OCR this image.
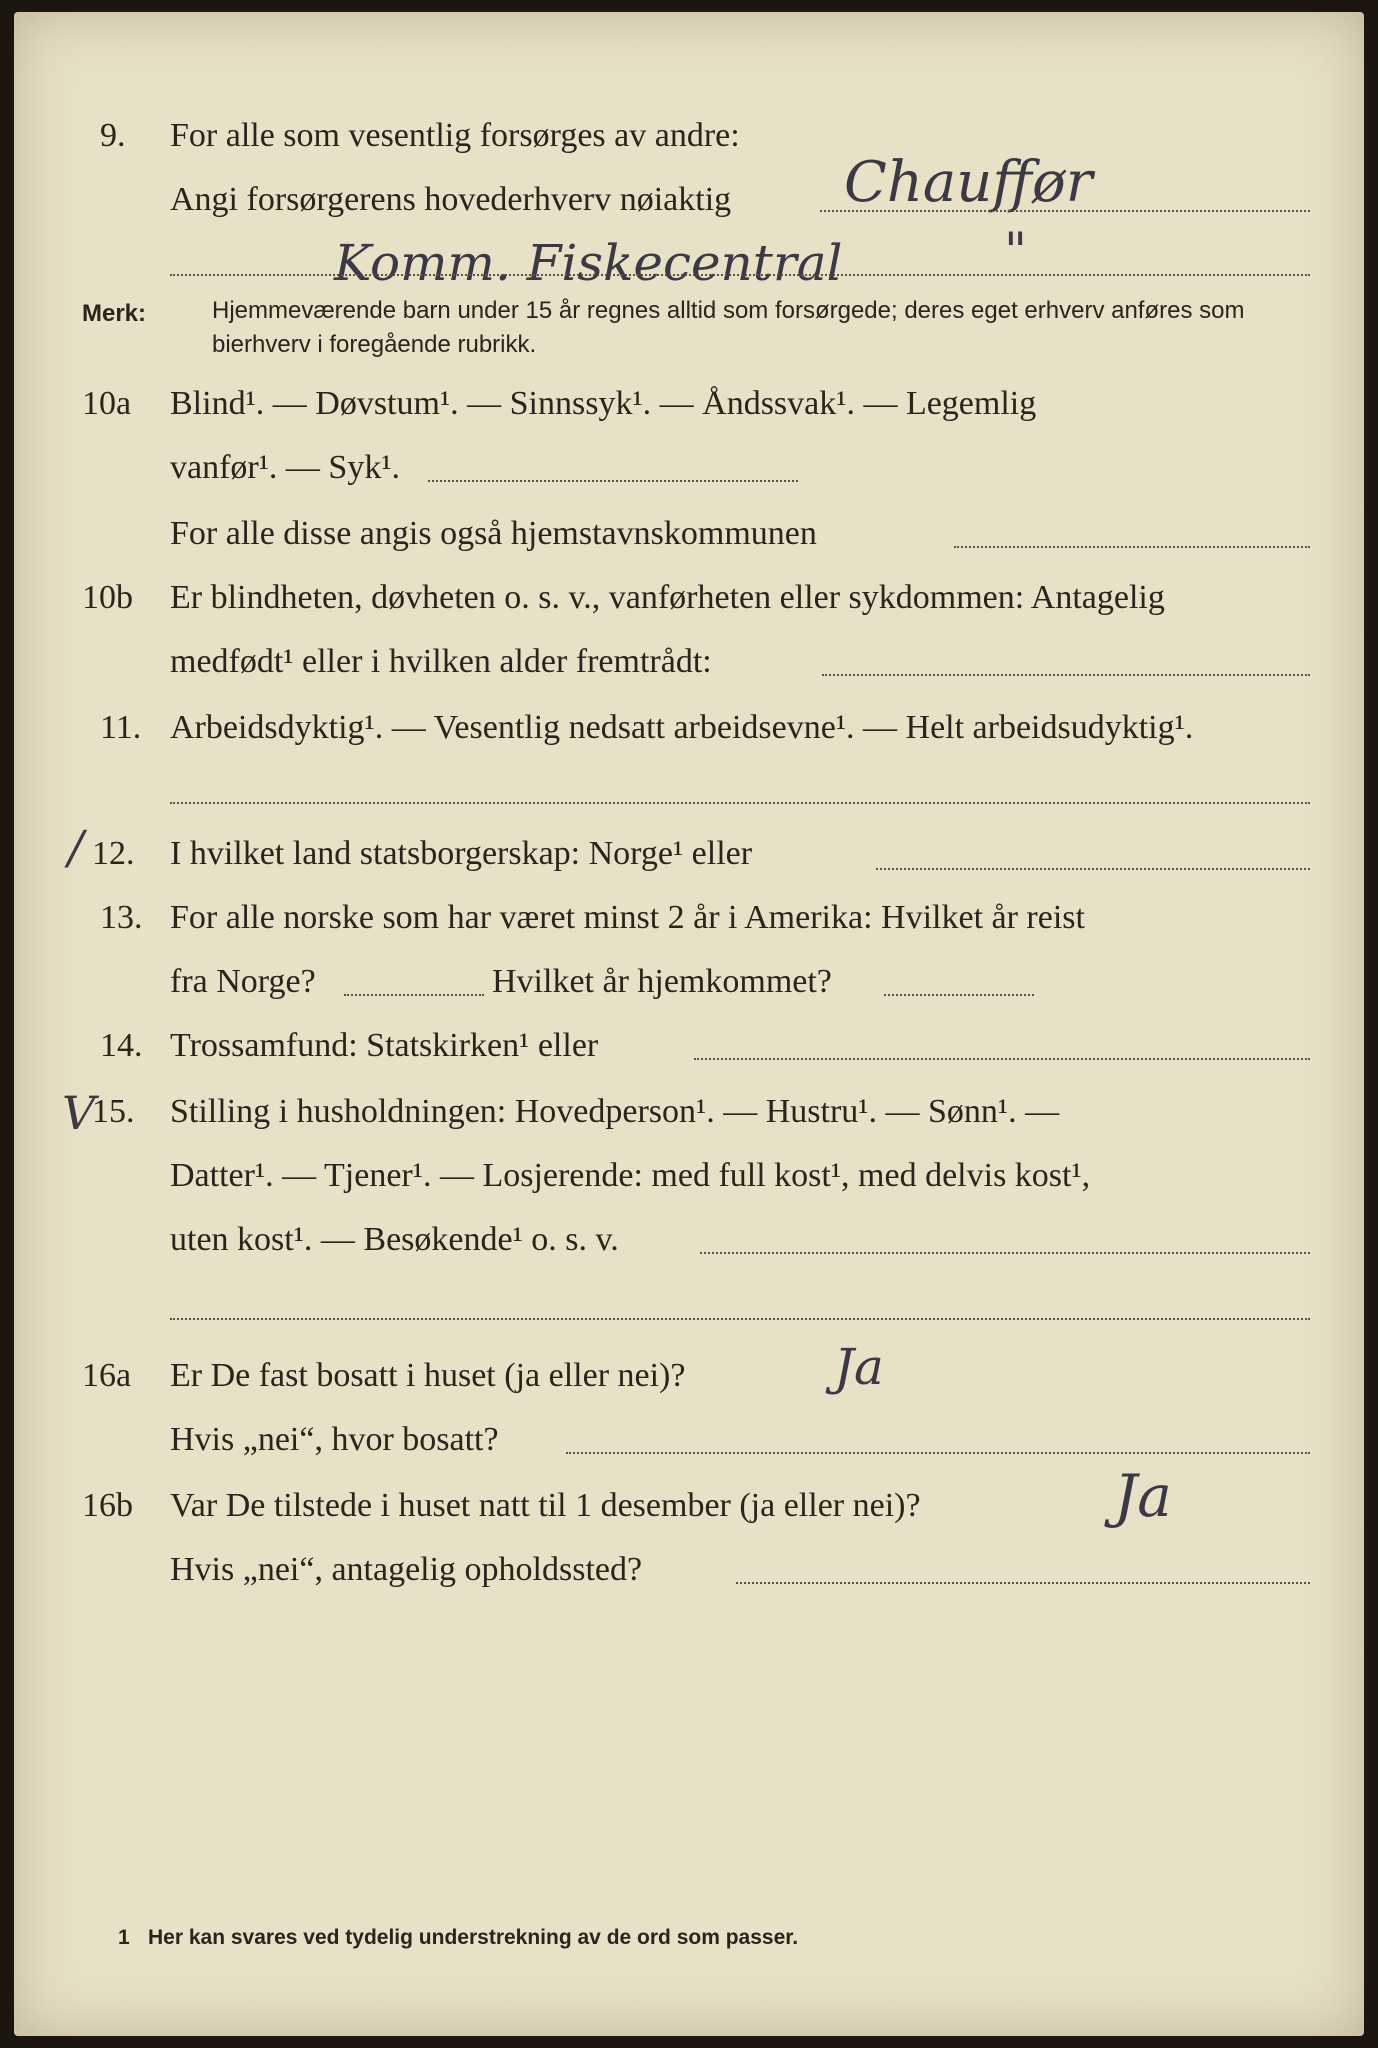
9. For alle som vesentlig forsørges av andre:
Chauffør
Angi forsørgerens hovederhverv nøiaktig
Komm. Fiskecentral	"
Merk:	Hjemmeværende barn under 15 år regnes alltid som forsørgede; deres eget erhverv anføres som bierhverv i foregående rubrikk.
10a Blind¹. — Døvstum¹. — Sinnssyk¹. — Åndssvak¹. — Legemlig
vanfør¹. — Syk¹.
For alle disse angis også hjemstavnskommunen
10b Er blindheten, døvheten o. s. v., vanførheten eller sykdommen: Antagelig
medfødt¹ eller i hvilken alder fremtrådt:
11. Arbeidsdyktig¹. — Vesentlig nedsatt arbeidsevne¹. — Helt arbeidsudyktig¹.
/ 12. I hvilket land statsborgerskap: Norge¹ eller
13. For alle norske som har været minst 2 år i Amerika: Hvilket år reist
fra Norge?	Hvilket år hjemkommet?
14. Trossamfund: Statskirken¹ eller
V
15. Stilling i husholdningen: Hovedperson¹. — Hustru¹. — Sønn¹. —
Datter¹. — Tjener¹. — Losjerende: med full kost¹, med delvis kost¹,
uten kost¹. — Besøkende¹ o. s. v.
16a Er De fast bosatt i huset (ja eller nei)?	Ja
Hvis „nei“, hvor bosatt?
16b Var De tilstede i huset natt til 1 desember (ja eller nei)?	Ja
Hvis „nei“, antagelig opholdssted?
1 Her kan svares ved tydelig understrekning av de ord som passer.
